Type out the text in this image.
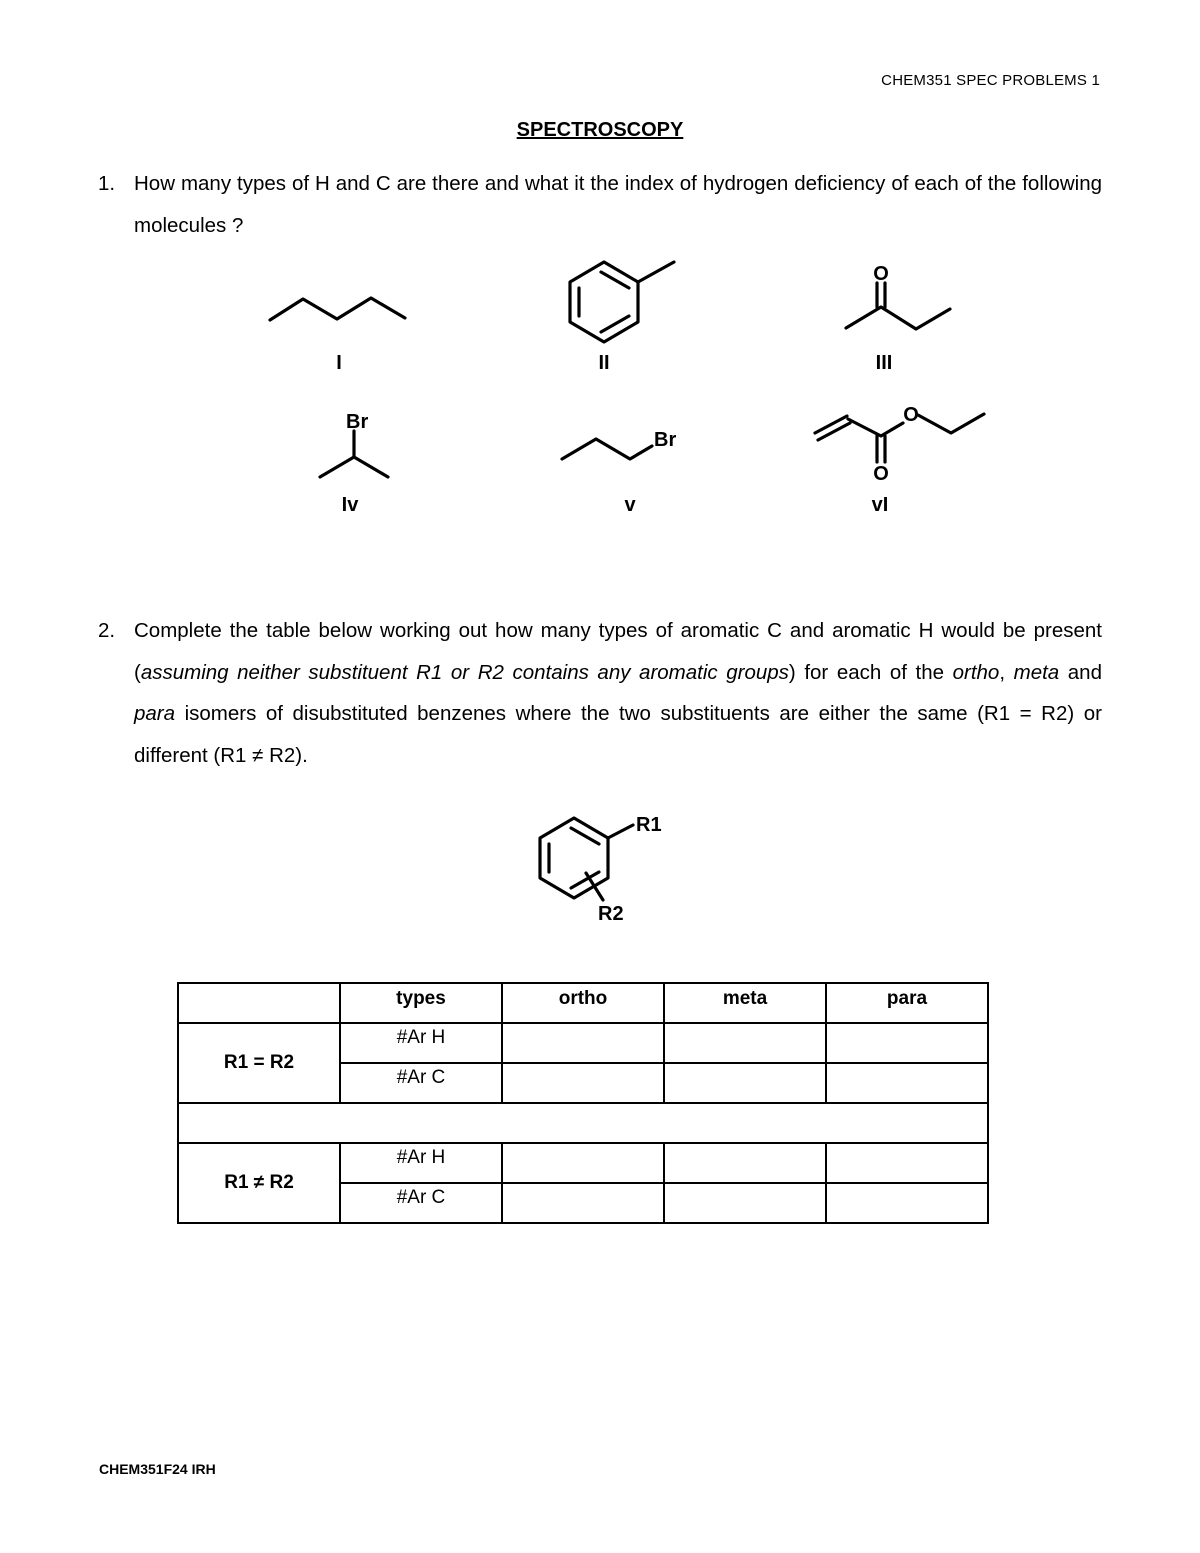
CHEM351 SPEC PROBLEMS 1
SPECTROSCOPY
1. How many types of H and C are there and what it the index of hydrogen deficiency of each of the following molecules ?
O
Br
Br
O
O
I	II	III
Iv	v	vI
R1
R2
2. Complete the table below working out how many types of aromatic C and aromatic H would be present (assuming neither substituent R1 or R2 contains any aromatic groups) for each of the ortho, meta and para isomers of disubstituted benzenes where the two substituents are either the same (R1 = R2) or different (R1 ≠ R2).
	types	ortho	meta	para
R1 = R2	#Ar H			
	#Ar C			

R1 ≠ R2	#Ar H			
	#Ar C			
CHEM351F24 IRH
